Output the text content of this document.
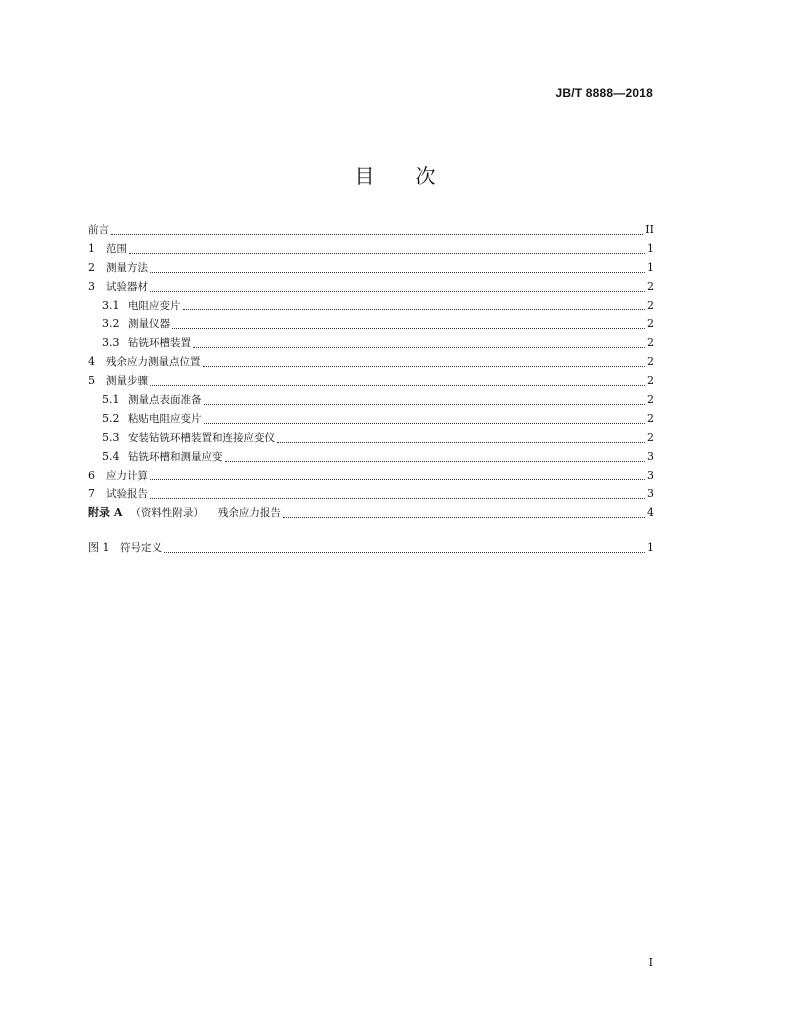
JB/T 8888—2018
目 次
前言	II
1	范围	1
2	测量方法	1
3	试验器材	2
3.1 电阻应变片	2
3.2 测量仪器	2
3.3 钻铣环槽装置	2
4	残余应力测量点位置	2
5	测量步骤	2
5.1 测量点表面准备	2
5.2 粘贴电阻应变片	2
5.3 安装钻铣环槽装置和连接应变仪	2
5.4 钻铣环槽和测量应变	3
6	应力计算	3
7	试验报告	3
附录 A （资料性附录） 残余应力报告	4
图 1	符号定义	1
I
